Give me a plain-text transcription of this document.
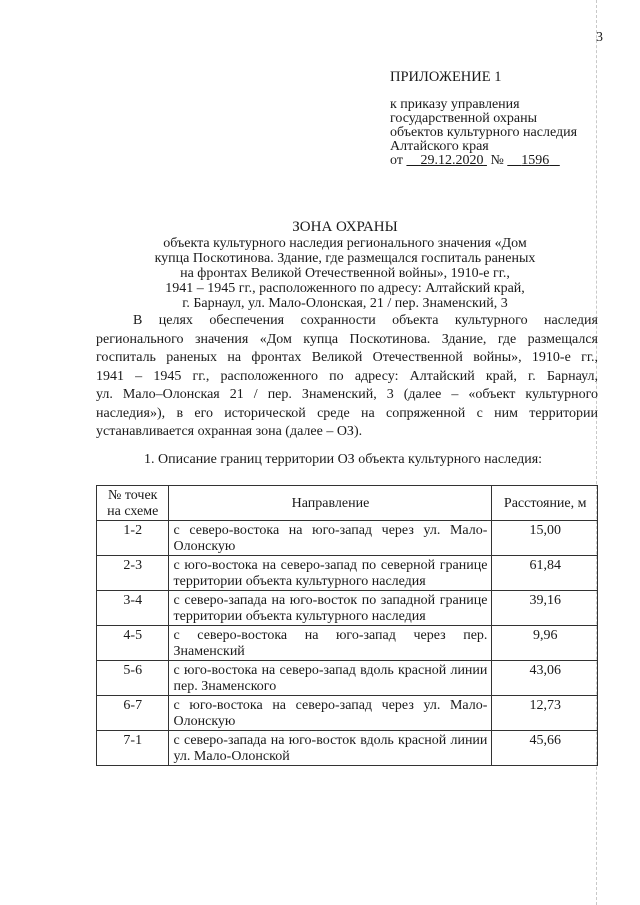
3
ПРИЛОЖЕНИЕ 1
к приказу управления
государственной охраны
объектов культурного наследия
Алтайского края
от 29.12.2020 № 1596
ЗОНА ОХРАНЫ
объекта культурного наследия регионального значения «Дом
купца Поскотинова. Здание, где размещался госпиталь раненых
на фронтах Великой Отечественной войны», 1910-е гг.,
1941 – 1945 гг., расположенного по адресу: Алтайский край,
г. Барнаул, ул. Мало-Олонская, 21 / пер. Знаменский, 3
В целях обеспечения сохранности объекта культурного наследия
регионального значения «Дом купца Поскотинова. Здание, где размещался
госпиталь раненых на фронтах Великой Отечественной войны», 1910-е гг.,
1941 – 1945 гг., расположенного по адресу: Алтайский край, г. Барнаул,
ул. Мало–Олонская 21 / пер. Знаменский, 3 (далее – «объект культурного
наследия»), в его исторической среде на сопряженной с ним территории
устанавливается охранная зона (далее – ОЗ).
1. Описание границ территории ОЗ объекта культурного наследия:
№ точек на схеме	Направление	Расстояние, м
1-2	с северо-востока на юго-запад через ул. Мало-Олонскую	15,00
2-3	с юго-востока на северо-запад по северной границе территории объекта культурного наследия	61,84
3-4	с северо-запада на юго-восток по западной границе территории объекта культурного наследия	39,16
4-5	с северо-востока на юго-запад через пер. Знаменский	9,96
5-6	с юго-востока на северо-запад вдоль красной линии пер. Знаменского	43,06
6-7	с юго-востока на северо-запад через ул. Мало-Олонскую	12,73
7-1	с северо-запада на юго-восток вдоль красной линии ул. Мало-Олонской	45,66
